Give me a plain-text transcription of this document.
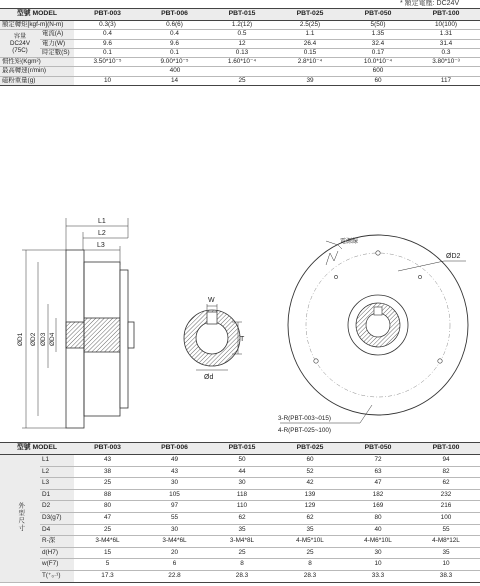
* 額定電壓: DC24V
型號 MODEL		PBT-003	PBT-006	PBT-015	PBT-025	PBT-050	PBT-100
額定轉矩[kgf-m](N-m)		0.3(3)	0.6(6)	1.2(12)	2.5(25)	5(50)	10(100)
容量
DC24V
(75C)	電流(A)	0.4	0.4	0.5	1.1	1.35	1.31
	電力(W)	9.6	9.6	12	26.4	32.4	31.4
	時定數(S)	0.1	0.1	0.13	0.15	0.17	0.3
慣性矩(Kgm²)		3.50*10⁻⁵	9.00*10⁻⁵	1.60*10⁻⁴	2.8*10⁻⁴	10.0*10⁻⁴	3.80*10⁻³
最高轉速(r/min)		400			600		
磁粉重量(g)		10	14	25	39	60	117
L1
L2
L3
ØD1 ØD2 ØD3 ØD4
W
T
Ød
電源線
ØD2
3-R(PBT-003~015)
4-R(PBT-025~100)
型號 MODEL		PBT-003	PBT-006	PBT-015	PBT-025	PBT-050	PBT-100
外型尺寸	L1	43	49	50	60	72	94
	L2	38	43	44	52	63	82
	L3	25	30	30	42	47	62
	D1	88	105	118	139	182	232
	D2	80	97	110	129	169	216
	D3(g7)	47	55	62	62	80	100
	D4	25	30	35	35	40	55
	R-深	3-M4*6L	3-M4*6L	3-M4*8L	4-M5*10L	4-M6*10L	4-M8*12L
	d(H7)	15	20	25	25	30	35
	w(F7)	5	6	8	8	10	10
	T(⁺₀·¹)	17.3	22.8	28.3	28.3	33.3	38.3
